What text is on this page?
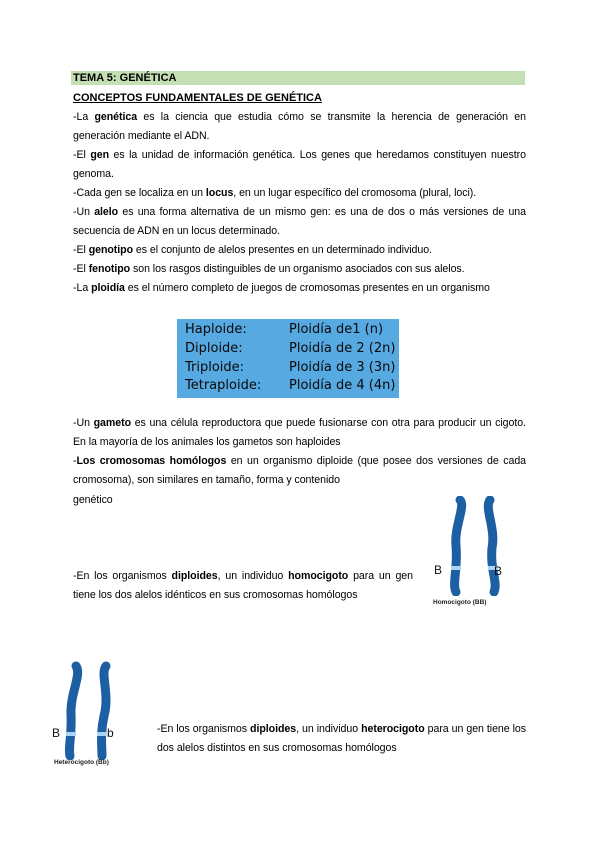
TEMA 5: GENÉTICA
CONCEPTOS FUNDAMENTALES DE GENÉTICA
-La genética es la ciencia que estudia cómo se transmite la herencia de generación en generación mediante el ADN.
-El gen es la unidad de información genética. Los genes que heredamos constituyen nuestro genoma.
-Cada gen se localiza en un locus, en un lugar específico del cromosoma (plural, loci).
-Un alelo es una forma alternativa de un mismo gen: es una de dos o más versiones de una secuencia de ADN en un locus determinado.
-El genotipo es el conjunto de alelos presentes en un determinado individuo.
-El fenotipo son los rasgos distinguibles de un organismo asociados con sus alelos.
-La ploidía es el número completo de juegos de cromosomas presentes en un organismo
Haploide:	Ploidía de1 (n)
Diploide:	Ploidía de 2 (2n)
Triploide:	Ploidía de 3 (3n)
Tetraploide: Ploidía de 4 (4n)
-Un gameto es una célula reproductora que puede fusionarse con otra para producir un cigoto. En la mayoría de los animales los gametos son haploides
-Los cromosomas homólogos en un organismo diploide (que posee dos versiones de cada cromosoma), son similares en tamaño, forma y contenido
genético
-En los organismos diploides, un individuo homocigoto para un gen tiene los dos alelos idénticos en sus cromosomas homólogos
B	B
Homocigoto (BB)
B	b
Heterocigoto (Bb)
-En los organismos diploides, un individuo heterocigoto para un gen tiene los dos alelos distintos en sus cromosomas homólogos
